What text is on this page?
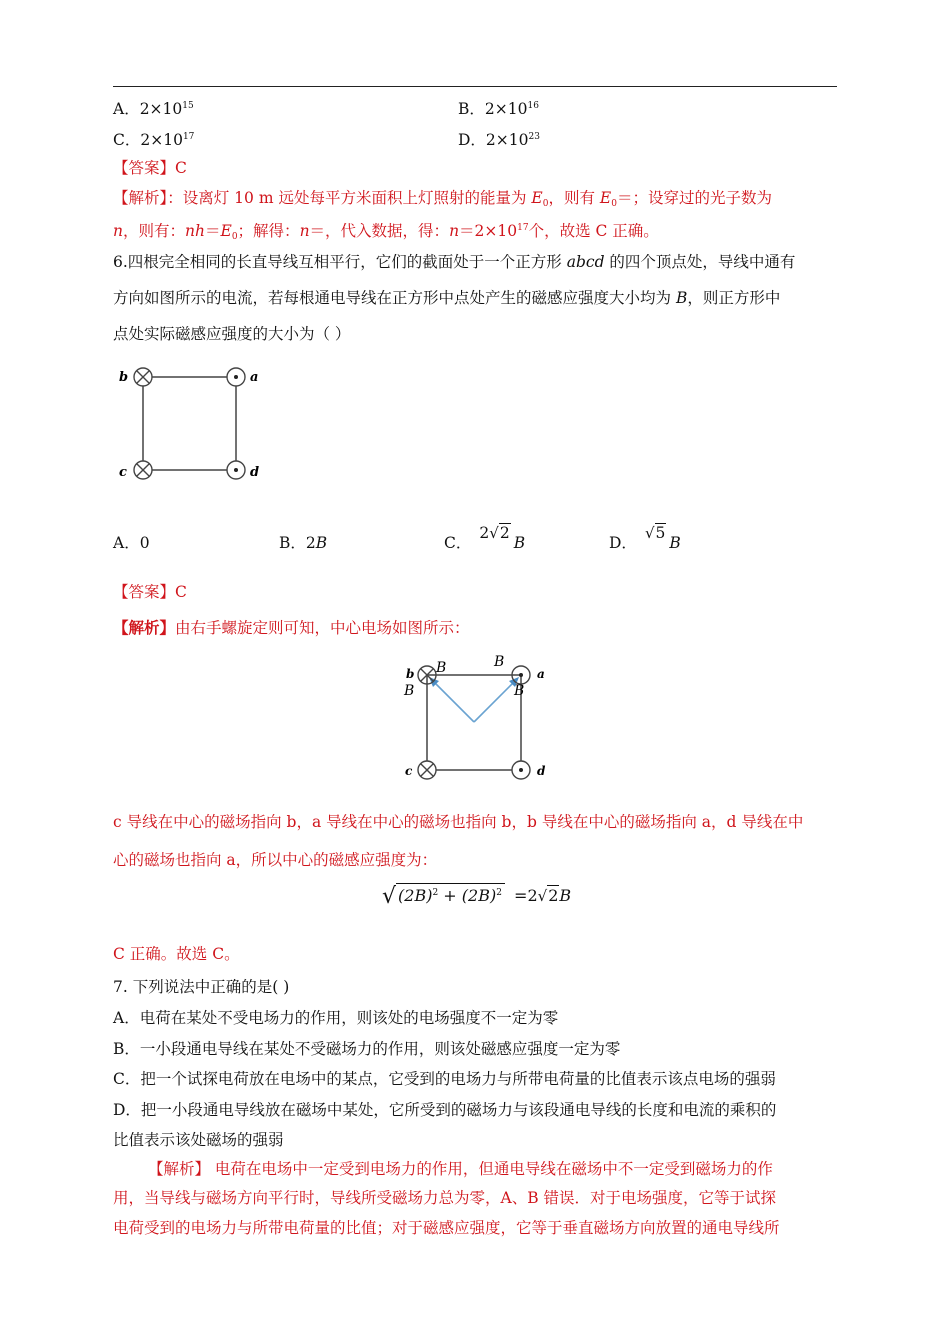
A．$2\times 10^{15}$	B．$2\times 10^{16}$
C．$2\times 10^{17}$	D．$2\times 10^{23}$
【答案】C
【解析】：设离灯 10 m 远处每平方米面积上灯照射的能量为 $E_0$，则有 $E_0=$；设穿过的光子数为
n，则有：$nh=E_0$；解得：n＝，代入数据，得：$n=2\times 10^{17}$个，故选 C 正确。
6.四根完全相同的长直导线互相平行，它们的截面处于一个正方形 abcd 的四个顶点处，导线中通有
方向如图所示的电流，若每根通电导线在正方形中点处产生的磁感应强度大小均为 B，则正方形中
点处实际磁感应强度的大小为（ ）
b	a
c	d
A．0	B．2B	C．2√2B	D．√5B
【答案】C
【解析】由右手螺旋定则可知，中心电场如图所示：
B	B
B	B
b	a
c	d
c 导线在中心的磁场指向 b，a 导线在中心的磁场也指向 b，b 导线在中心的磁场指向 a，d 导线在中
心的磁场也指向 a，所以中心的磁感应强度为：
√ $(2B)^2 + (2B)^2 =2√2B$
C 正确。故选 C。
7. 下列说法中正确的是( )
A．电荷在某处不受电场力的作用，则该处的电场强度不一定为零
B．一小段通电导线在某处不受磁场力的作用，则该处磁感应强度一定为零
C．把一个试探电荷放在电场中的某点，它受到的电场力与所带电荷量的比值表示该点电场的强弱
D．把一小段通电导线放在磁场中某处，它所受到的磁场力与该段通电导线的长度和电流的乘积的
比值表示该处磁场的强弱
【解析】 电荷在电场中一定受到电场力的作用，但通电导线在磁场中不一定受到磁场力的作
用，当导线与磁场方向平行时，导线所受磁场力总为零，A、B 错误．对于电场强度，它等于试探
电荷受到的电场力与所带电荷量的比值；对于磁感应强度，它等于垂直磁场方向放置的通电导线所
